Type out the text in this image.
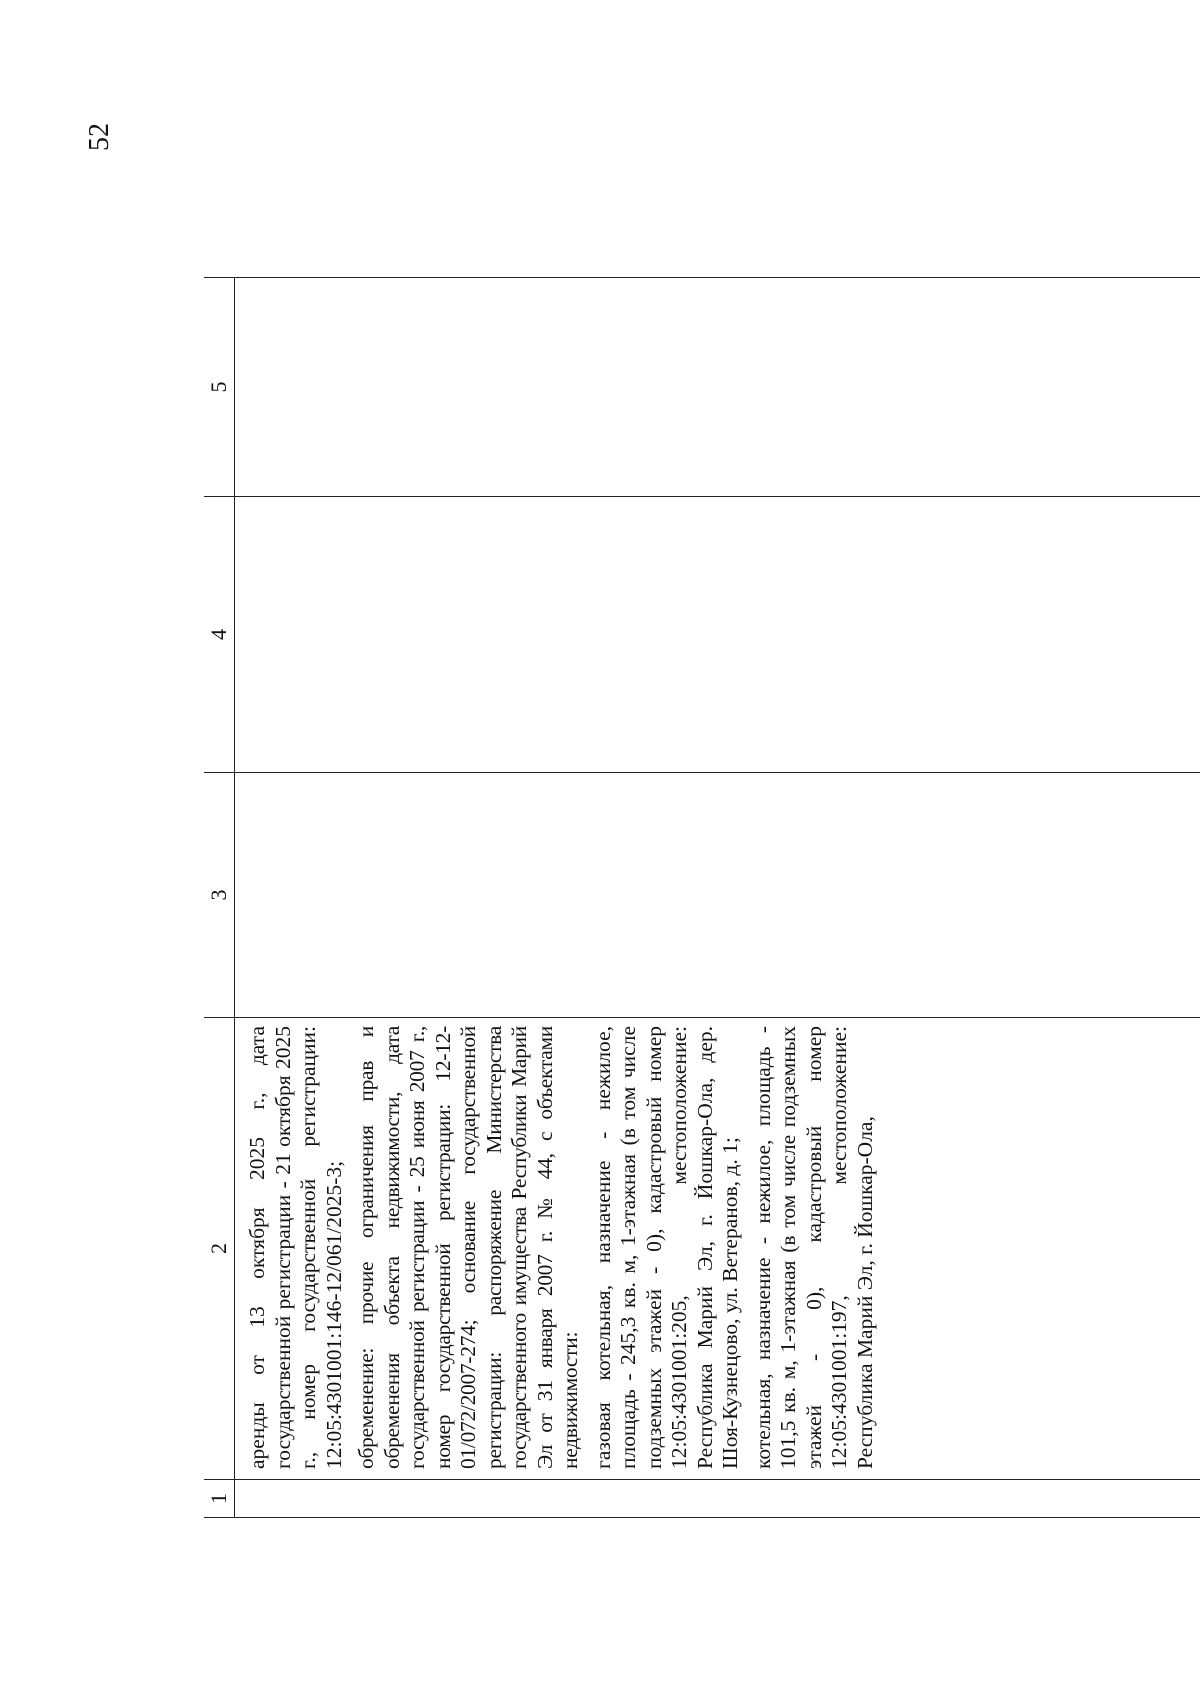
52
1	2	3	4	5

	аренды от 13 октября 2025 г., дата государственной регистрации - 21 октября 2025 г., номер государственной регистрации: 12:05:4301001:146-12/061/2025-3; обременение: прочие ограничения прав и обременения объекта недвижимости, дата государственной регистрации - 25 июня 2007 г., номер государственной регистрации: 12-12-01/072/2007-274; основание государственной регистрации: распоряжение Министерства государственного имущества Республики Марий Эл от 31 января 2007 г. № 44, с объектами недвижимости: газовая котельная, назначение - нежилое, площадь - 245,3 кв. м, 1-этажная (в том числе подземных этажей - 0), кадастровый номер 12:05:4301001:205, местоположение: Республика Марий Эл, г. Йошкар-Ола, дер. Шоя-Кузнецово, ул. Ветеранов, д. 1; котельная, назначение - нежилое, площадь - 101,5 кв. м, 1-этажная (в том числе подземных этажей - 0), кадастровый номер 12:05:4301001:197, местоположение: Республика Марий Эл, г. Йошкар-Ола,			
